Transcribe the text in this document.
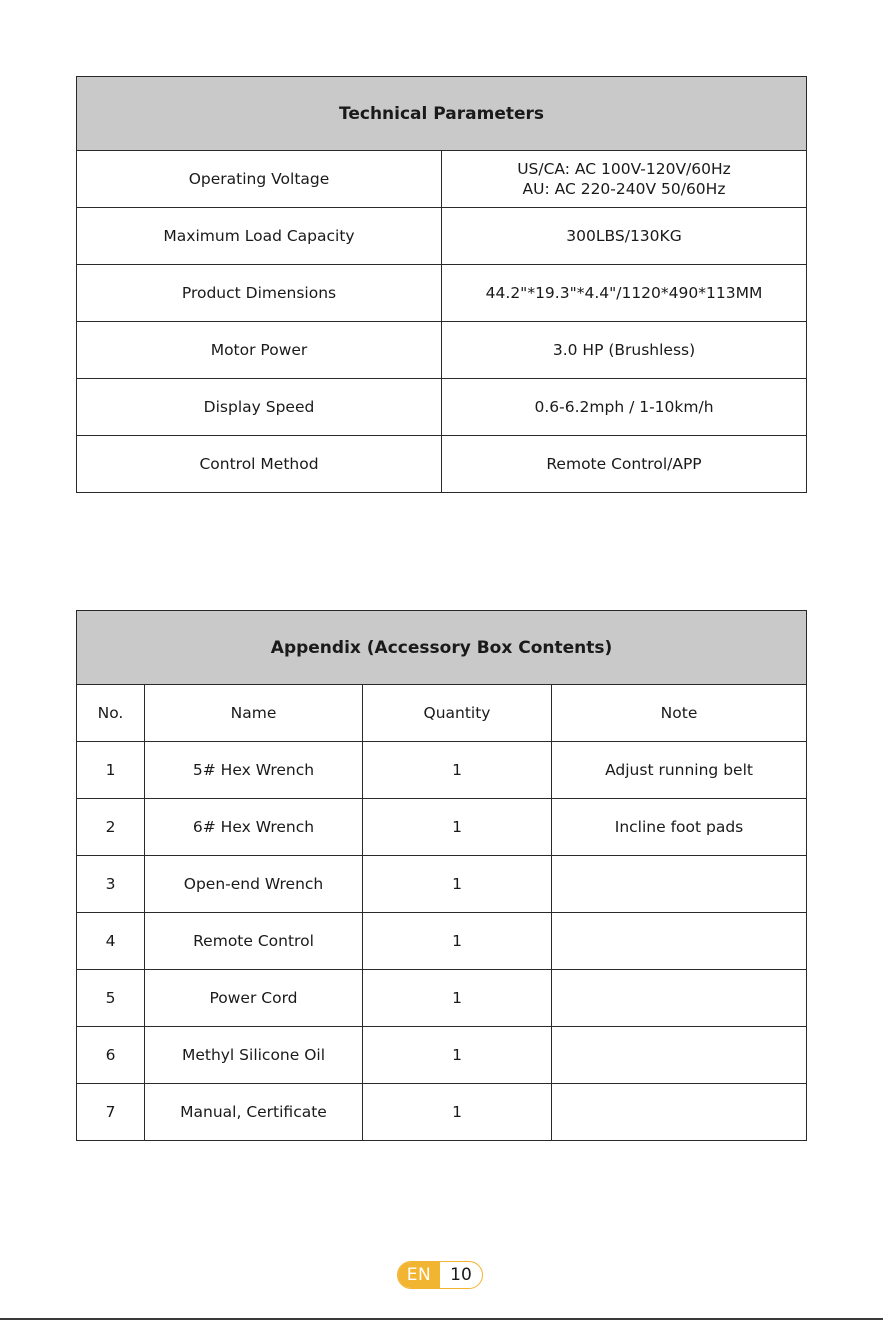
Technical Parameters	
Operating Voltage	US/CA: AC 100V-120V/60Hz
AU: AC 220-240V 50/60Hz

Maximum Load Capacity	300LBS/130KG
Product Dimensions	44.2"*19.3"*4.4"/1120*490*113MM
Motor Power	3.0 HP (Brushless)
Display Speed	0.6-6.2mph / 1-10km/h
Control Method	Remote Control/APP
Appendix (Accessory Box Contents)			
No.	Name	Quantity	Note
1	5# Hex Wrench	1	Adjust running belt
2	6# Hex Wrench	1	Incline foot pads
3	Open-end Wrench	1	
4	Remote Control	1	
5	Power Cord	1	
6	Methyl Silicone Oil	1	
7	Manual, Certificate	1	
EN	10
